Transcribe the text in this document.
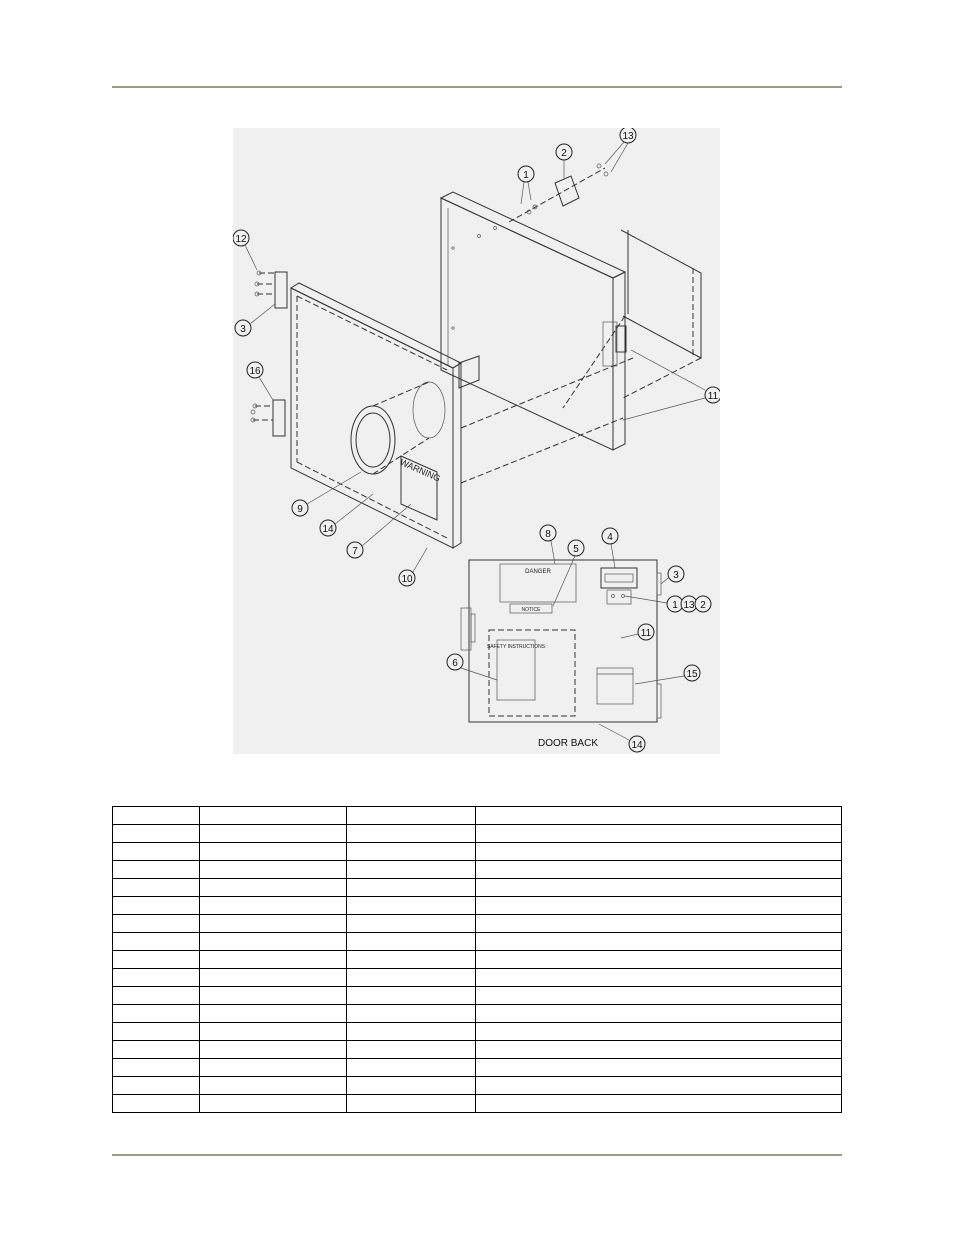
WARNING
1
2
13
12
3
16
9
14
7
10
11
DANGER
NOTICE
SAFETY INSTRUCTIONS
DOOR BACK
8
5
4
3
1 13 2
11
6
15
14
